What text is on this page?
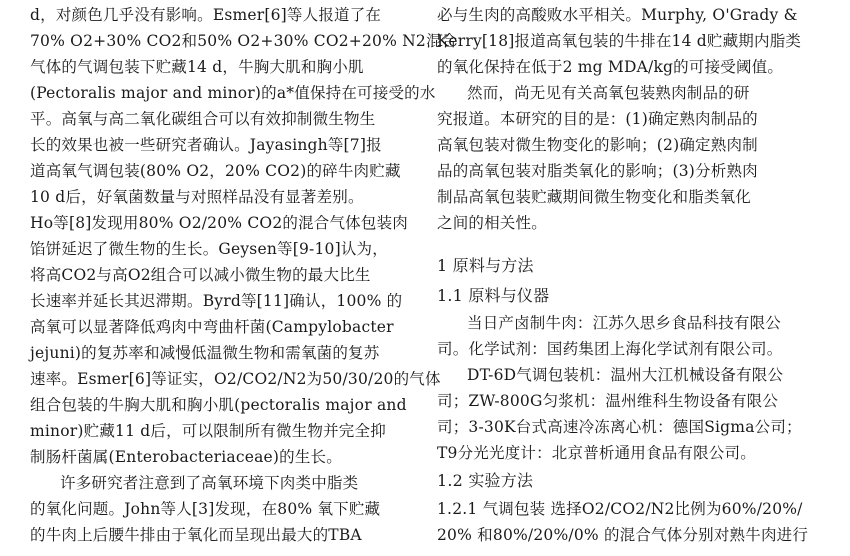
d，对颜色几乎没有影响。Esmer[6]等人报道了在
70% O2+30% CO2和50% O2+30% CO2+20% N2混合
气体的气调包装下贮藏14 d，牛胸大肌和胸小肌
(Pectoralis major and minor)的a*值保持在可接受的水
平。高氧与高二氧化碳组合可以有效抑制微生物生
长的效果也被一些研究者确认。Jayasingh等[7]报
道高氧气调包装(80% O2，20% CO2)的碎牛肉贮藏
10 d后，好氧菌数量与对照样品没有显著差别。
Ho等[8]发现用80% O2/20% CO2的混合气体包装肉
馅饼延迟了微生物的生长。Geysen等[9-10]认为，
将高CO2与高O2组合可以减小微生物的最大比生
长速率并延长其迟滞期。Byrd等[11]确认，100% 的
高氧可以显著降低鸡肉中弯曲杆菌(Campylobacter
jejuni)的复苏率和减慢低温微生物和需氧菌的复苏
速率。Esmer[6]等证实，O2/CO2/N2为50/30/20的气体
组合包装的牛胸大肌和胸小肌(pectoralis major and
minor)贮藏11 d后，可以限制所有微生物并完全抑
制肠杆菌属(Enterobacteriaceae)的生长。
许多研究者注意到了高氧环境下肉类中脂类
的氧化问题。John等人[3]发现，在80% 氧下贮藏
的牛肉上后腰牛排由于氧化而呈现出最大的TBA
必与生肉的高酸败水平相关。Murphy, O'Grady &
Kerry[18]报道高氧包装的牛排在14 d贮藏期内脂类
的氧化保持在低于2 mg MDA/kg的可接受阈值。
然而，尚无见有关高氧包装熟肉制品的研
究报道。本研究的目的是：(1)确定熟肉制品的
高氧包装对微生物变化的影响；(2)确定熟肉制
品的高氧包装对脂类氧化的影响；(3)分析熟肉
制品高氧包装贮藏期间微生物变化和脂类氧化
之间的相关性。
1 原料与方法
1.1 原料与仪器
当日产卤制牛肉：江苏久思乡食品科技有限公
司。化学试剂：国药集团上海化学试剂有限公司。
DT-6D气调包装机：温州大江机械设备有限公
司；ZW-800G匀浆机：温州维科生物设备有限公
司；3-30K台式高速冷冻离心机：德国Sigma公司；
T9分光光度计：北京普析通用食品有限公司。
1.2 实验方法
1.2.1 气调包装 选择O2/CO2/N2比例为60%/20%/
20% 和80%/20%/0% 的混合气体分别对熟牛肉进行
